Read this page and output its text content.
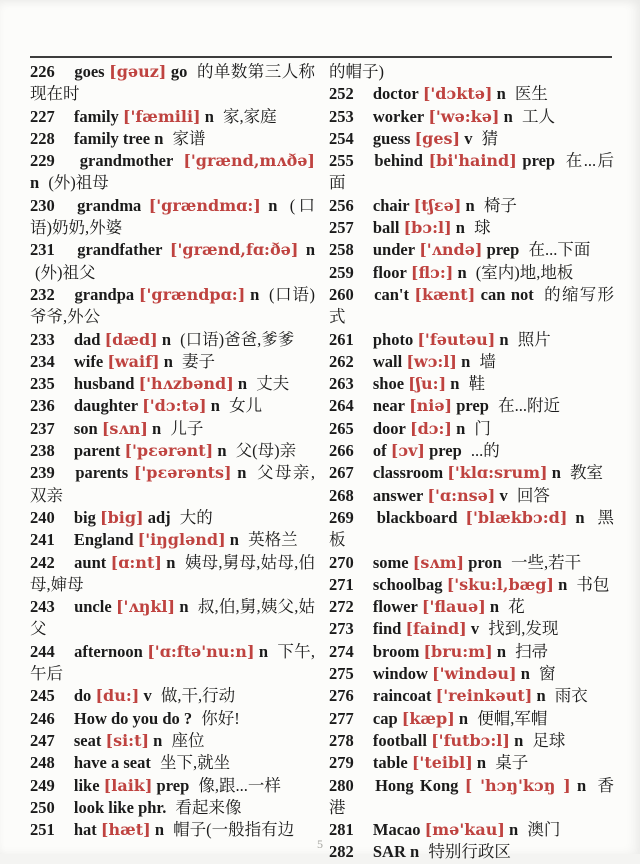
226 goes [gəuz] go 的单数第三人称现在时

227 family ['fæmili] n 家,家庭

228 family tree n 家谱

229 grandmother ['grænd,mʌðə] n (外)祖母

230 grandma ['grændmɑ:] n (口语)奶奶,外婆

231 grandfather ['grænd,fɑ:ðə] n (外)祖父

232 grandpa ['grændpɑ:] n (口语)爷爷,外公

233 dad [dæd] n (口语)爸爸,爹爹

234 wife [waif] n 妻子

235 husband ['hʌzbənd] n 丈夫

236 daughter ['dɔ:tə] n 女儿

237 son [sʌn] n 儿子

238 parent ['pɛərənt] n 父(母)亲

239 parents ['pɛərənts] n 父母亲,双亲

240 big [big] adj 大的

241 England ['iŋglənd] n 英格兰

242 aunt [ɑ:nt] n 姨母,舅母,姑母,伯母,婶母

243 uncle ['ʌŋkl] n 叔,伯,舅,姨父,姑父

244 afternoon ['ɑ:ftə'nu:n] n 下午,午后

245 do [du:] v 做,干,行动

246 How do you do ? 你好!

247 seat [si:t] n 座位

248 have a seat 坐下,就坐

249 like [laik] prep 像,跟...一样

250 look like phr. 看起来像

251 hat [hæt] n 帽子(一般指有边

的帽子)

252 doctor ['dɔktə] n 医生

253 worker ['wə:kə] n 工人

254 guess [ges] v 猜

255 behind [bi'haind] prep 在...后面

256 chair [tʃɛə] n 椅子

257 ball [bɔ:l] n 球

258 under ['ʌndə] prep 在...下面

259 floor [flɔ:] n (室内)地,地板

260 can't [kænt] can not 的缩写形式

261 photo ['fəutəu] n 照片

262 wall [wɔ:l] n 墙

263 shoe [ʃu:] n 鞋

264 near [niə] prep 在...附近

265 door [dɔ:] n 门

266 of [ɔv] prep ...的

267 classroom ['klɑ:srum] n 教室

268 answer ['ɑ:nsə] v 回答

269 blackboard ['blækbɔ:d] n 黑板

270 some [sʌm] pron 一些,若干

271 schoolbag ['sku:l,bæg] n 书包

272 flower ['flauə] n 花

273 find [faind] v 找到,发现

274 broom [bru:m] n 扫帚

275 window ['windəu] n 窗

276 raincoat ['reinkəut] n 雨衣

277 cap [kæp] n 便帽,军帽

278 football ['futbɔ:l] n 足球

279 table ['teibl] n 桌子

280 Hong Kong [ 'hɔŋ'kɔŋ ] n 香港

281 Macao [mə'kau] n 澳门

282 SAR n 特别行政区

5
